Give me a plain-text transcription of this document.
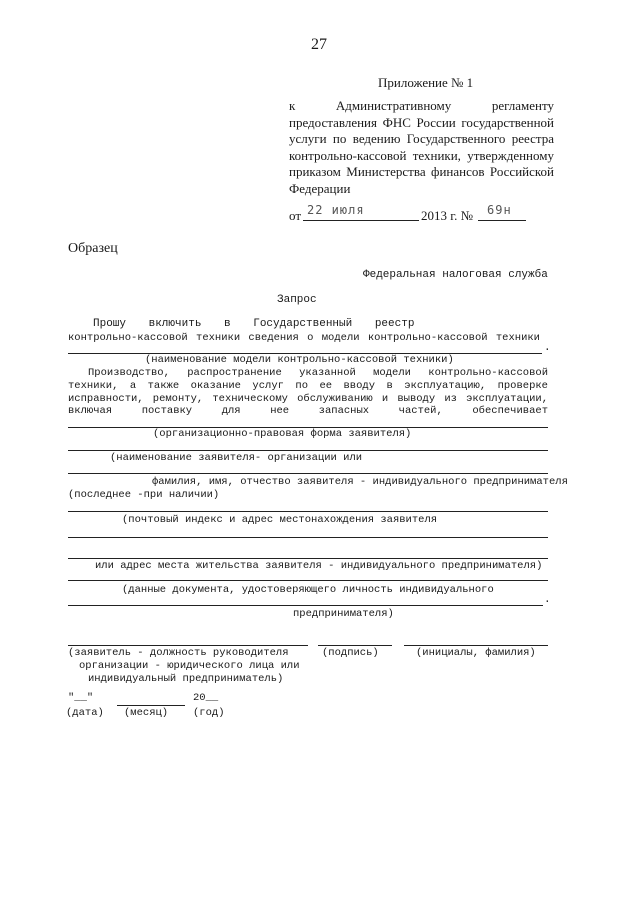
27
Приложение № 1
к Административному регламенту
предоставления ФНС России государственной
услуги по ведению Государственного реестра
контрольно-кассовой техники, утвержденному
приказом Министерства финансов Российской
Федерации
от 22 июля	2013 г. № 69н
Образец
Федеральная налоговая служба
Запрос
Прошу включить в Государственный реестр
контрольно-кассовой техники сведения о модели контрольно-кассовой техники
.
(наименование модели контрольно-кассовой техники)
Производство, распространение указанной модели контрольно-кассовой
техники, а также оказание услуг по ее вводу в эксплуатацию, проверке
исправности, ремонту, техническому обслуживанию и выводу из эксплуатации,
включая поставку для нее запасных частей, обеспечивает
(организационно-правовая форма заявителя)
(наименование заявителя- организации или
фамилия, имя, отчество заявителя - индивидуального предпринимателя
(последнее -при наличии)
(почтовый индекс и адрес местонахождения заявителя
или адрес места жительства заявителя - индивидуального предпринимателя)
(данные документа, удостоверяющего личность индивидуального
.
предпринимателя)
(заявитель - должность руководителя
организации - юридического лица или
индивидуальный предприниматель)
(подпись)	(инициалы, фамилия)
"__"	20__
(дата) (месяц) (год)
